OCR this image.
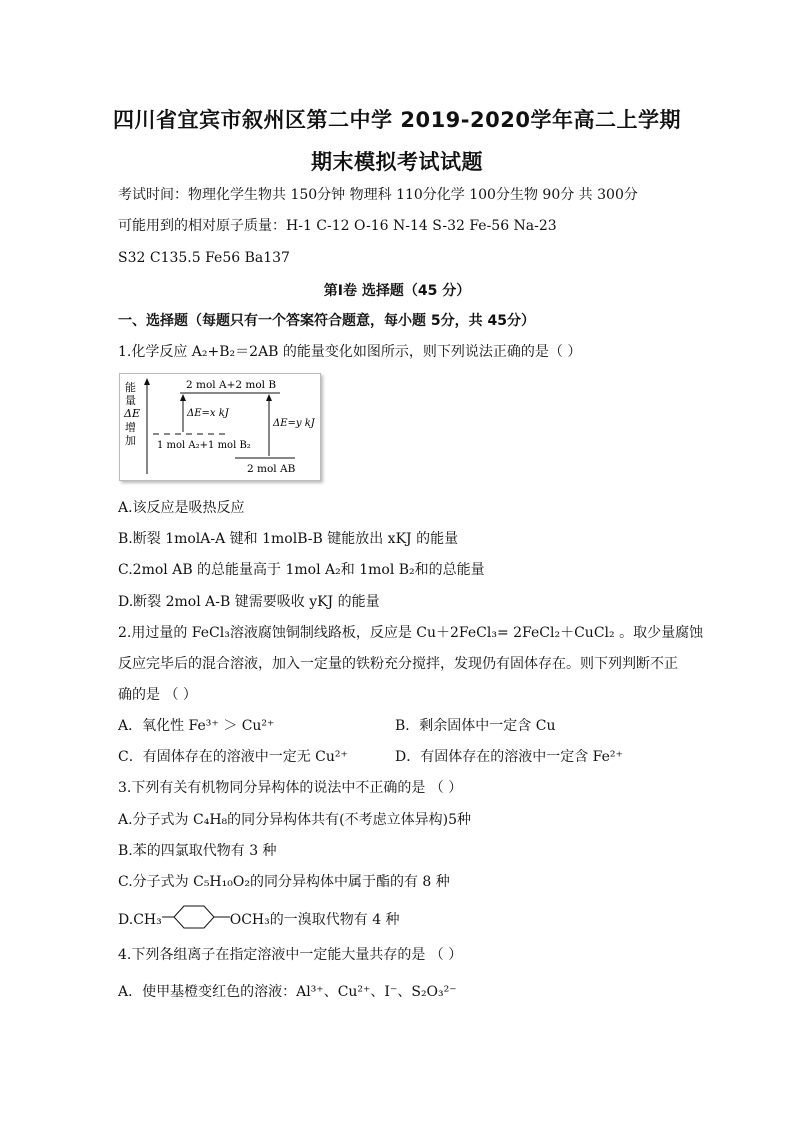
四川省宜宾市叙州区第二中学 2019-2020学年高二上学期
期末模拟考试试题
考试时间：物理化学生物共 150分钟 物理科 110分化学 100分生物 90分 共 300分
可能用到的相对原子质量：H-1 C-12 O-16 N-14 S-32 Fe-56 Na-23
S32 C135.5 Fe56 Ba137
第Ⅰ卷 选择题（45 分）
一、选择题（每题只有一个答案符合题意，每小题 5分，共 45分）
1.化学反应 A₂+B₂＝2AB 的能量变化如图所示，则下列说法正确的是（ ）
能
量
ΔE
增
加
2 mol A+2 mol B
1 mol A₂+1 mol B₂
ΔE=x kJ
2 mol AB
ΔE=y kJ
A.该反应是吸热反应
B.断裂 1molA-A 键和 1molB-B 键能放出 xKJ 的能量
C.2mol AB 的总能量高于 1mol A₂和 1mol B₂和的总能量
D.断裂 2mol A-B 键需要吸收 yKJ 的能量
2.用过量的 FeCl₃溶液腐蚀铜制线路板，反应是 Cu＋2FeCl₃= 2FeCl₂＋CuCl₂ 。取少量腐蚀
反应完毕后的混合溶液，加入一定量的铁粉充分搅拌，发现仍有固体存在。则下列判断不正
确的是 （ ）
A．氧化性 Fe³⁺ ＞ Cu²⁺	B．剩余固体中一定含 Cu
C．有固体存在的溶液中一定无 Cu²⁺	D．有固体存在的溶液中一定含 Fe²⁺
3.下列有关有机物同分异构体的说法中不正确的是 （ ）
A.分子式为 C₄H₈的同分异构体共有(不考虑立体异构)5种
B.苯的四氯取代物有 3 种
C.分子式为 C₅H₁₀O₂的同分异构体中属于酯的有 8 种
D.CH₃	OCH₃的一溴取代物有 4 种
4.下列各组离子在指定溶液中一定能大量共存的是 （ ）
A．使甲基橙变红色的溶液：Al³⁺、Cu²⁺、I⁻、S₂O₃²⁻
